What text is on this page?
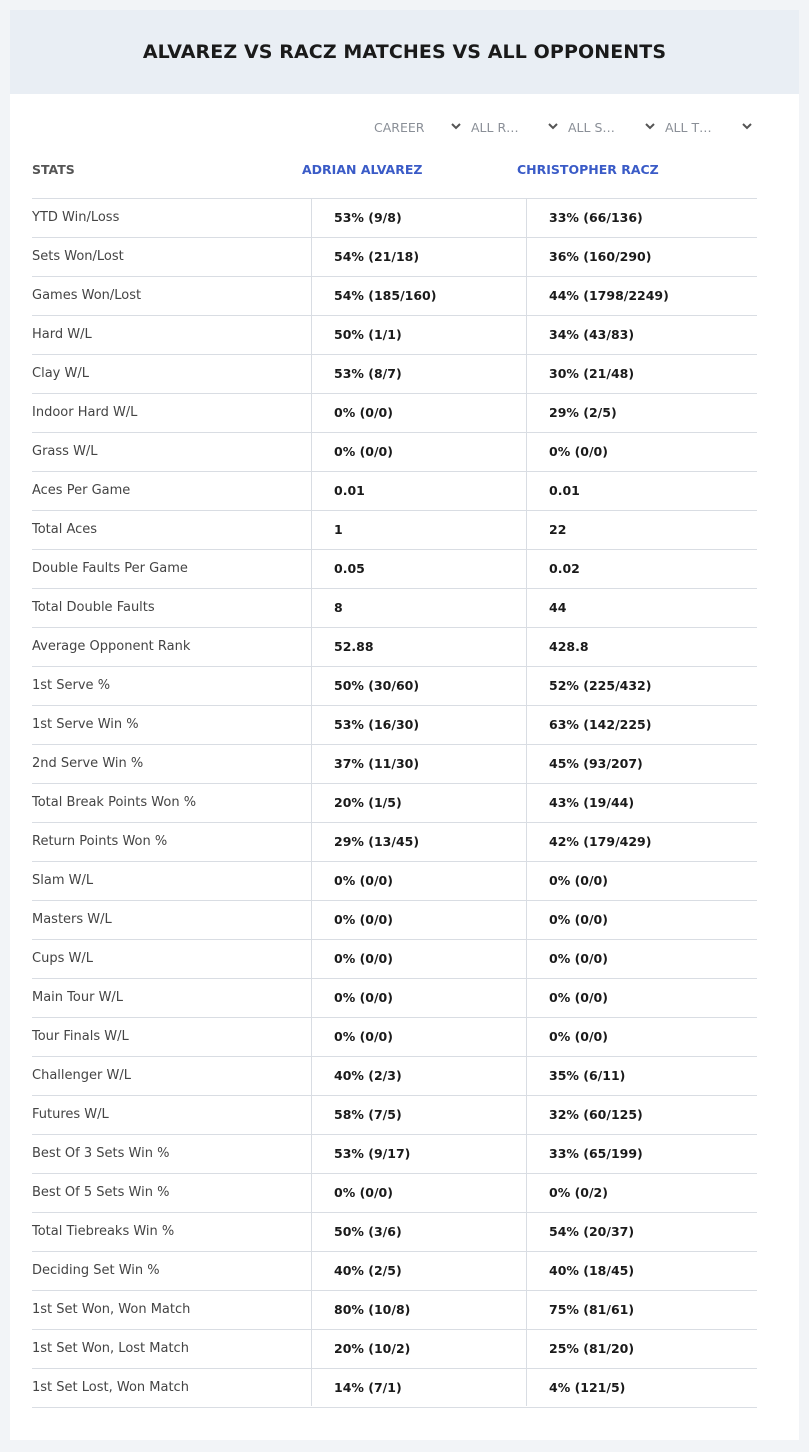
ALVAREZ VS RACZ MATCHES VS ALL OPPONENTS
CAREER	ALL R…	ALL S…	ALL T…
STATS	ADRIAN ALVAREZ	CHRISTOPHER RACZ
YTD Win/Loss	53% (9/8)	33% (66/136)
Sets Won/Lost	54% (21/18)	36% (160/290)
Games Won/Lost	54% (185/160)	44% (1798/2249)
Hard W/L	50% (1/1)	34% (43/83)
Clay W/L	53% (8/7)	30% (21/48)
Indoor Hard W/L	0% (0/0)	29% (2/5)
Grass W/L	0% (0/0)	0% (0/0)
Aces Per Game	0.01	0.01
Total Aces	1	22
Double Faults Per Game	0.05	0.02
Total Double Faults	8	44
Average Opponent Rank	52.88	428.8
1st Serve %	50% (30/60)	52% (225/432)
1st Serve Win %	53% (16/30)	63% (142/225)
2nd Serve Win %	37% (11/30)	45% (93/207)
Total Break Points Won %	20% (1/5)	43% (19/44)
Return Points Won %	29% (13/45)	42% (179/429)
Slam W/L	0% (0/0)	0% (0/0)
Masters W/L	0% (0/0)	0% (0/0)
Cups W/L	0% (0/0)	0% (0/0)
Main Tour W/L	0% (0/0)	0% (0/0)
Tour Finals W/L	0% (0/0)	0% (0/0)
Challenger W/L	40% (2/3)	35% (6/11)
Futures W/L	58% (7/5)	32% (60/125)
Best Of 3 Sets Win %	53% (9/17)	33% (65/199)
Best Of 5 Sets Win %	0% (0/0)	0% (0/2)
Total Tiebreaks Win %	50% (3/6)	54% (20/37)
Deciding Set Win %	40% (2/5)	40% (18/45)
1st Set Won, Won Match	80% (10/8)	75% (81/61)
1st Set Won, Lost Match	20% (10/2)	25% (81/20)
1st Set Lost, Won Match	14% (7/1)	4% (121/5)
